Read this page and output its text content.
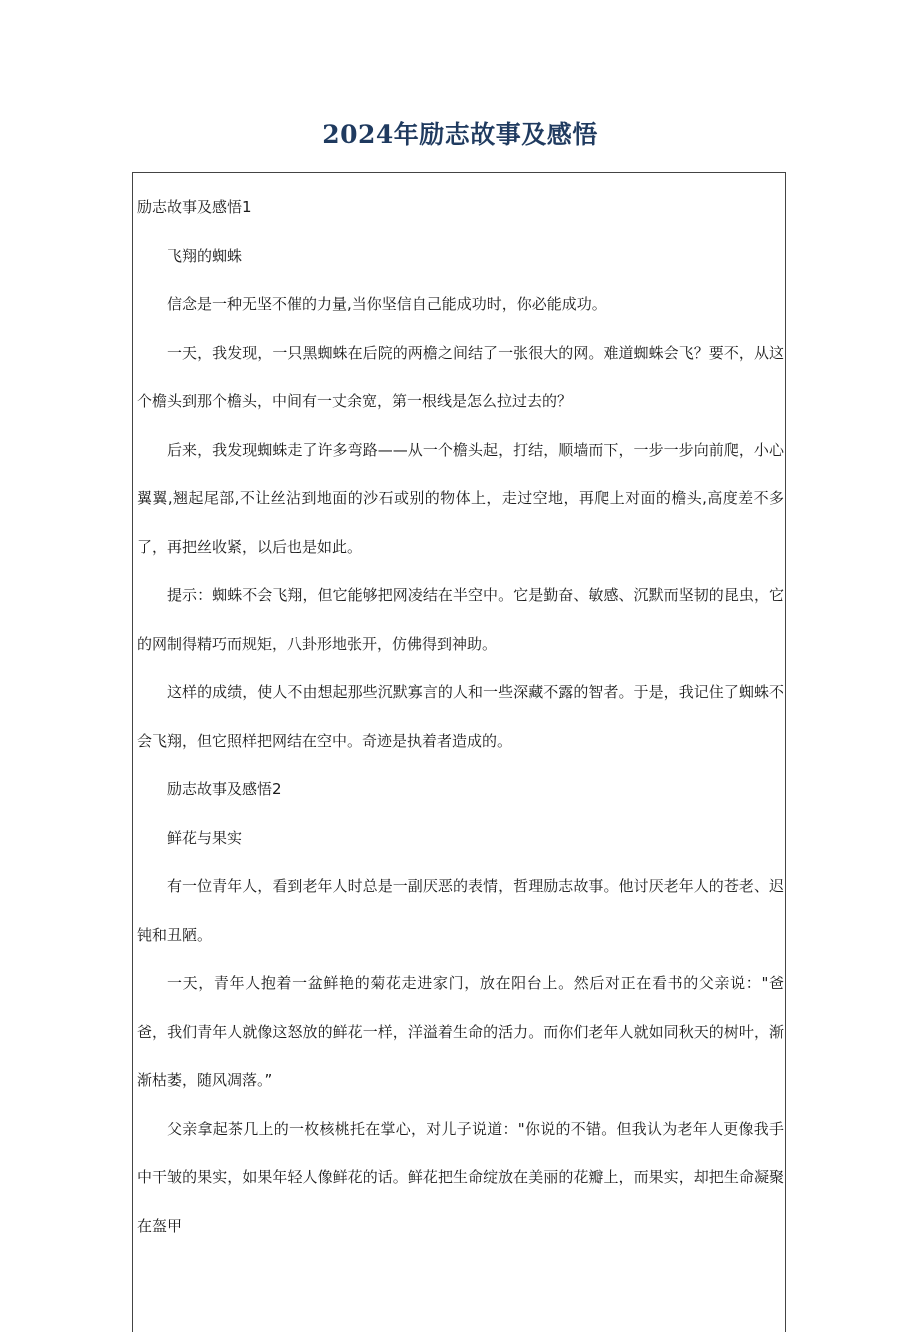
2024年励志故事及感悟

励志故事及感悟1

飞翔的蜘蛛

信念是一种无坚不催的力量,当你坚信自己能成功时，你必能成功。

一天，我发现，一只黑蜘蛛在后院的两檐之间结了一张很大的网。难道蜘蛛会飞？要不，从这个檐头到那个檐头，中间有一丈余宽，第一根线是怎么拉过去的？

后来，我发现蜘蛛走了许多弯路——从一个檐头起，打结，顺墙而下，一步一步向前爬，小心翼翼,翘起尾部,不让丝沾到地面的沙石或别的物体上，走过空地，再爬上对面的檐头,高度差不多了，再把丝收紧，以后也是如此。

提示：蜘蛛不会飞翔，但它能够把网凌结在半空中。它是勤奋、敏感、沉默而坚韧的昆虫，它的网制得精巧而规矩，八卦形地张开，仿佛得到神助。

这样的成绩，使人不由想起那些沉默寡言的人和一些深藏不露的智者。于是，我记住了蜘蛛不会飞翔，但它照样把网结在空中。奇迹是执着者造成的。

励志故事及感悟2

鲜花与果实

有一位青年人，看到老年人时总是一副厌恶的表情，哲理励志故事。他讨厌老年人的苍老、迟钝和丑陋。

一天，青年人抱着一盆鲜艳的菊花走进家门，放在阳台上。然后对正在看书的父亲说："爸爸，我们青年人就像这怒放的鲜花一样，洋溢着生命的活力。而你们老年人就如同秋天的树叶，渐渐枯萎，随风凋落。”

父亲拿起茶几上的一枚核桃托在掌心，对儿子说道："你说的不错。但我认为老年人更像我手中干皱的果实，如果年轻人像鲜花的话。鲜花把生命绽放在美丽的花瓣上，而果实，却把生命凝聚在盔甲
